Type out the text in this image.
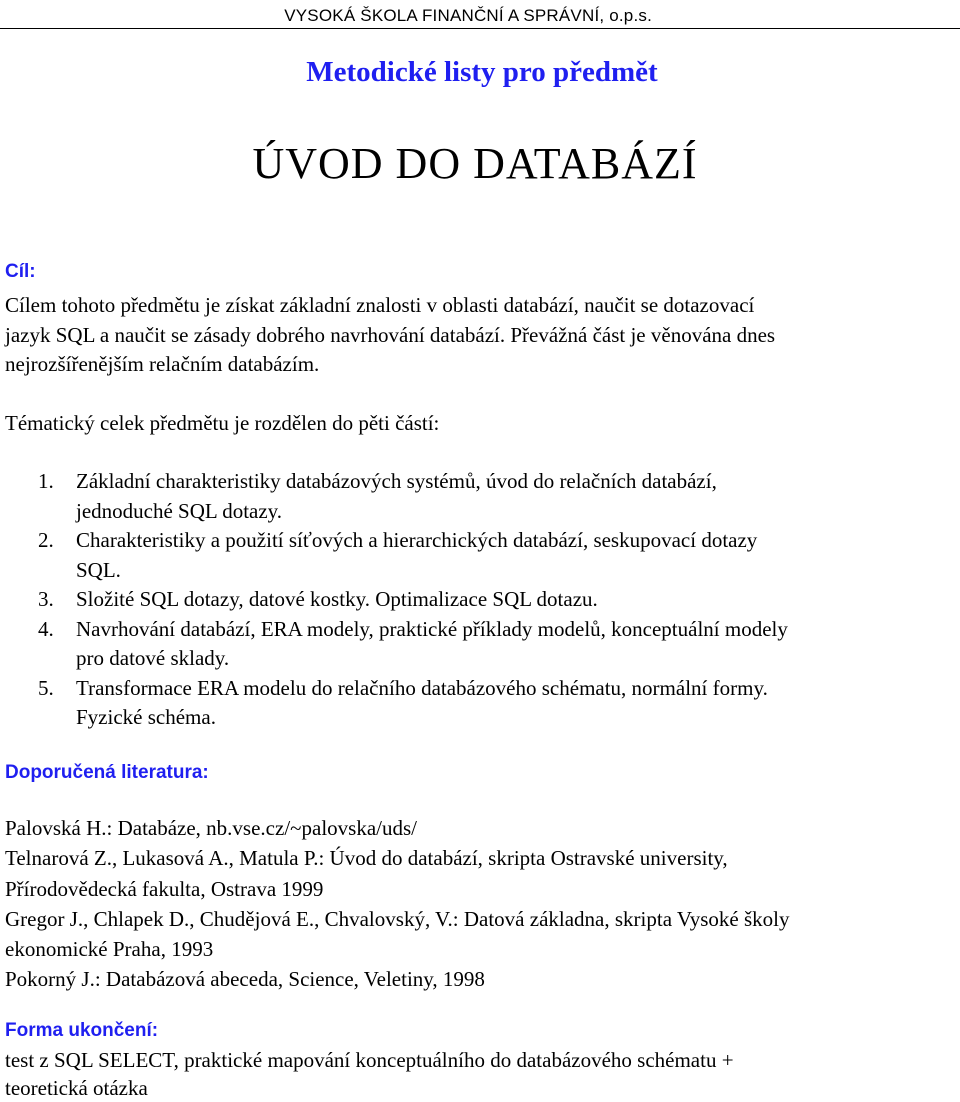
VYSOKÁ ŠKOLA FINANČNÍ A SPRÁVNÍ, o.p.s.
Metodické listy pro předmět
ÚVOD DO DATABÁZÍ
Cíl:
Cílem tohoto předmětu je získat základní znalosti v oblasti databází, naučit se dotazovací
jazyk SQL a naučit se zásady dobrého navrhování databází. Převážná část je věnována dnes
nejrozšířenějším relačním databázím.
Tématický celek předmětu je rozdělen do pěti částí:
1. Základní charakteristiky databázových systémů, úvod do relačních databází,
jednoduché SQL dotazy.
2. Charakteristiky a použití síťových a hierarchických databází, seskupovací dotazy
SQL.
3. Složité SQL dotazy, datové kostky. Optimalizace SQL dotazu.
4. Navrhování databází, ERA modely, praktické příklady modelů, konceptuální modely
pro datové sklady.
5. Transformace ERA modelu do relačního databázového schématu, normální formy.
Fyzické schéma.
Doporučená literatura:
Palovská H.: Databáze, nb.vse.cz/~palovska/uds/
Telnarová Z., Lukasová A., Matula P.: Úvod do databází, skripta Ostravské university,
Přírodovědecká fakulta, Ostrava 1999
Gregor J., Chlapek D., Chudějová E., Chvalovský, V.: Datová základna, skripta Vysoké školy
ekonomické Praha, 1993
Pokorný J.: Databázová abeceda, Science, Veletiny, 1998
Forma ukončení:
test z SQL SELECT, praktické mapování konceptuálního do databázového schématu +
teoretická otázka
